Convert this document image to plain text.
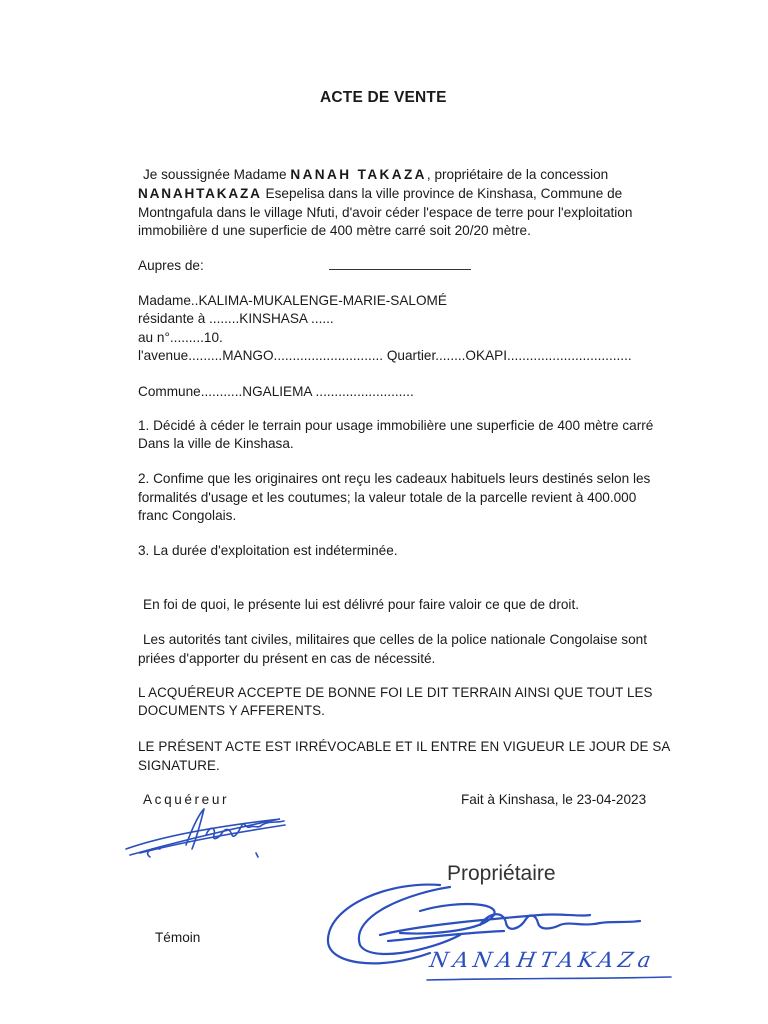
ACTE DE VENTE
Je soussignée Madame NANAH TAKAZA, propriétaire de la concession
NANAHTAKAZA Esepelisa dans la ville province de Kinshasa, Commune de
Montngafula dans le village Nfuti, d'avoir céder l'espace de terre pour l'exploitation
immobilière d une superficie de 400 mètre carré soit 20/20 mètre.
Aupres de:
Madame..KALIMA-MUKALENGE-MARIE-SALOMÉ
résidante à ........KINSHASA ......
au n°.........10.
l'avenue.........MANGO............................. Quartier........OKAPI.................................
Commune...........NGALIEMA ..........................
1. Décidé à céder le terrain pour usage immobilière une superficie de 400 mètre carré
Dans la ville de Kinshasa.
2. Confime que les originaires ont reçu les cadeaux habituels leurs destinés selon les
formalités d'usage et les coutumes; la valeur totale de la parcelle revient à 400.000
franc Congolais.
3. La durée d'exploitation est indéterminée.
En foi de quoi, le présente lui est délivré pour faire valoir ce que de droit.
Les autorités tant civiles, militaires que celles de la police nationale Congolaise sont
priées d'apporter du présent en cas de nécessité.
L ACQUÉREUR ACCEPTE DE BONNE FOI LE DIT TERRAIN AINSI QUE TOUT LES
DOCUMENTS Y AFFERENTS.
LE PRÉSENT ACTE EST IRRÉVOCABLE ET IL ENTRE EN VIGUEUR LE JOUR DE SA
SIGNATURE.
Acquéreur	Fait à Kinshasa, le 23-04-2023
Propriétaire
Témoin
NANAHTAKAZa
